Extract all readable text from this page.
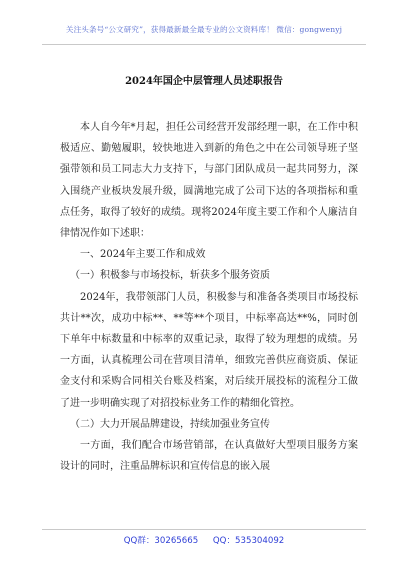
关注头条号“公文研究”，获得最新最全最专业的公文资料库！ 微信：gongwenyj
2024年国企中层管理人员述职报告

本人自今年*月起，担任公司经营开发部经理一职，在工作中积极适应、勤勉履职，较快地进入到新的角色之中在公司领导班子坚强带领和员工同志大力支持下，与部门团队成员一起共同努力，深入围绕产业板块发展升级，圆满地完成了公司下达的各项指标和重点任务，取得了较好的成绩。现将2024年度主要工作和个人廉洁自律情况作如下述职：

一、2024年主要工作和成效

（一）积极参与市场投标，斩获多个服务资质

2024年，我带领部门人员，积极参与和准备各类项目市场投标共计**次，成功中标**、**等**个项目，中标率高达**%，同时创下单年中标数量和中标率的双重记录，取得了较为理想的成绩。另一方面，认真梳理公司在营项目清单，细致完善供应商资质、保证金支付和采购合同相关台账及档案，对后续开展投标的流程分工做了进一步明确实现了对招投标业务工作的精细化管控。

（二）大力开展品牌建设，持续加强业务宣传

一方面，我们配合市场营销部，在认真做好大型项目服务方案设计的同时，注重品牌标识和宣传信息的嵌入展

QQ群：30265665 QQ：535304092
